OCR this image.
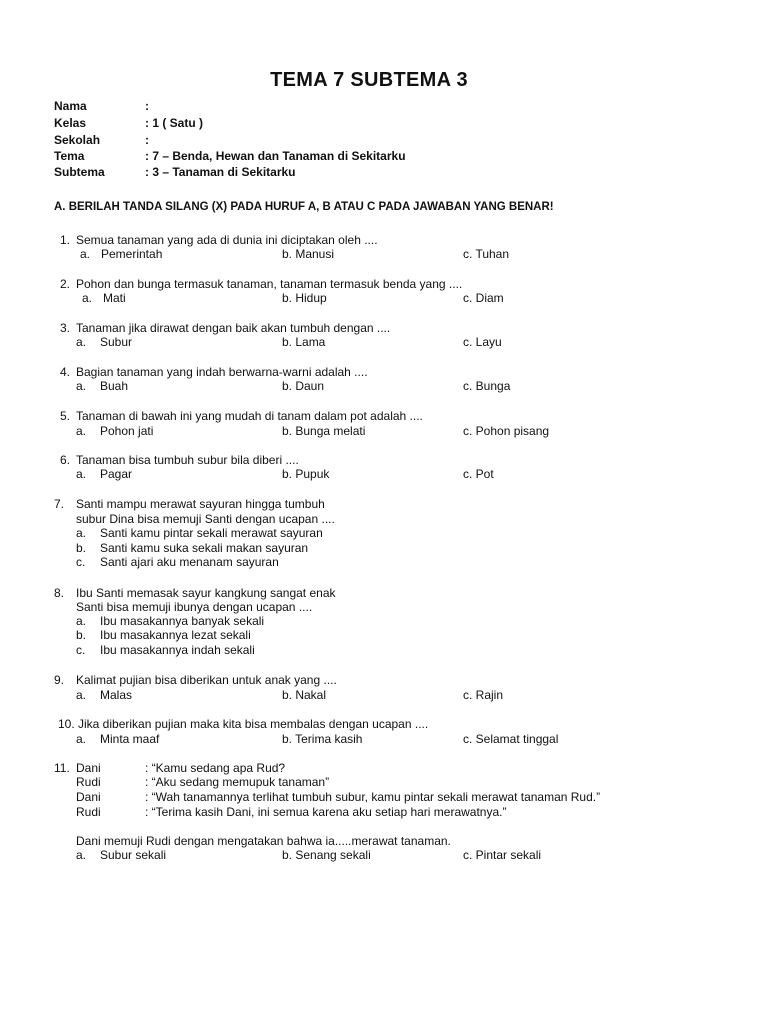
TEMA 7 SUBTEMA 3
Nama	:
Kelas	: 1 ( Satu )
Sekolah	:
Tema	: 7 – Benda, Hewan dan Tanaman di Sekitarku
Subtema	: 3 – Tanaman di Sekitarku
A. BERILAH TANDA SILANG (X) PADA HURUF A, B ATAU C PADA JAWABAN YANG BENAR!
1. Semua tanaman yang ada di dunia ini diciptakan oleh ....
a. Pemerintah	b. Manusi	c. Tuhan
2. Pohon dan bunga termasuk tanaman, tanaman termasuk benda yang ....
a. Mati	b. Hidup	c. Diam
3. Tanaman jika dirawat dengan baik akan tumbuh dengan ....
a. Subur	b. Lama	c. Layu
4. Bagian tanaman yang indah berwarna-warni adalah ....
a. Buah	b. Daun	c. Bunga
5. Tanaman di bawah ini yang mudah di tanam dalam pot adalah ....
a. Pohon jati	b. Bunga melati	c. Pohon pisang
6. Tanaman bisa tumbuh subur bila diberi ....
a. Pagar	b. Pupuk	c. Pot
7. Santi mampu merawat sayuran hingga tumbuh
subur Dina bisa memuji Santi dengan ucapan ....
a. Santi kamu pintar sekali merawat sayuran
b. Santi kamu suka sekali makan sayuran
c. Santi ajari aku menanam sayuran
8. Ibu Santi memasak sayur kangkung sangat enak
Santi bisa memuji ibunya dengan ucapan ....
a. Ibu masakannya banyak sekali
b. Ibu masakannya lezat sekali
c. Ibu masakannya indah sekali
9. Kalimat pujian bisa diberikan untuk anak yang ....
a. Malas	b. Nakal	c. Rajin
10. Jika diberikan pujian maka kita bisa membalas dengan ucapan ....
a. Minta maaf	b. Terima kasih	c. Selamat tinggal
11. Dani	: “Kamu sedang apa Rud?
Rudi	: “Aku sedang memupuk tanaman”
Dani	: “Wah tanamannya terlihat tumbuh subur, kamu pintar sekali merawat tanaman Rud.”
Rudi	: “Terima kasih Dani, ini semua karena aku setiap hari merawatnya.”
Dani memuji Rudi dengan mengatakan bahwa ia.....merawat tanaman.
a. Subur sekali	b. Senang sekali	c. Pintar sekali
